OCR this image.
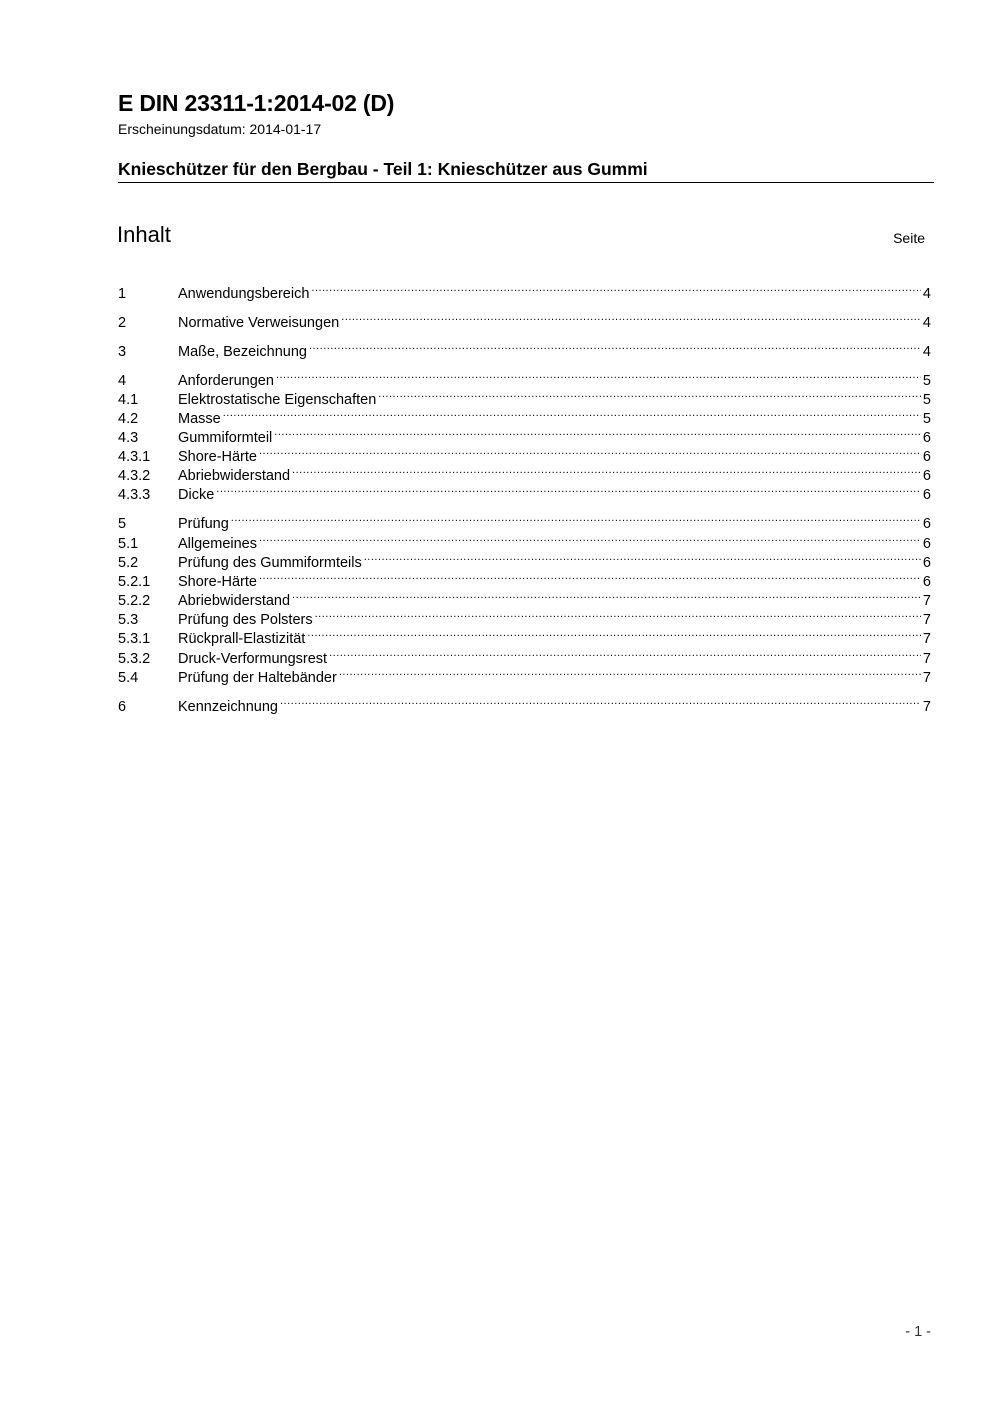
E DIN 23311-1:2014-02 (D)
Erscheinungsdatum: 2014-01-17
Knieschützer für den Bergbau - Teil 1: Knieschützer aus Gummi
Inhalt	Seite
1	Anwendungsbereich .....	4
2	Normative Verweisungen .....	4
3	Maße, Bezeichnung .....	4
4	Anforderungen .....	5
4.1	Elektrostatische Eigenschaften .....	5
4.2	Masse .....	5
4.3	Gummiformteil .....	6
4.3.1	Shore-Härte .....	6
4.3.2	Abriebwiderstand .....	6
4.3.3	Dicke .....	6
5	Prüfung .....	6
5.1	Allgemeines .....	6
5.2	Prüfung des Gummiformteils .....	6
5.2.1	Shore-Härte .....	6
5.2.2	Abriebwiderstand .....	7
5.3	Prüfung des Polsters .....	7
5.3.1	Rückprall-Elastizität .....	7
5.3.2	Druck-Verformungsrest .....	7
5.4	Prüfung der Haltebänder .....	7
6	Kennzeichnung .....	7
- 1 -
